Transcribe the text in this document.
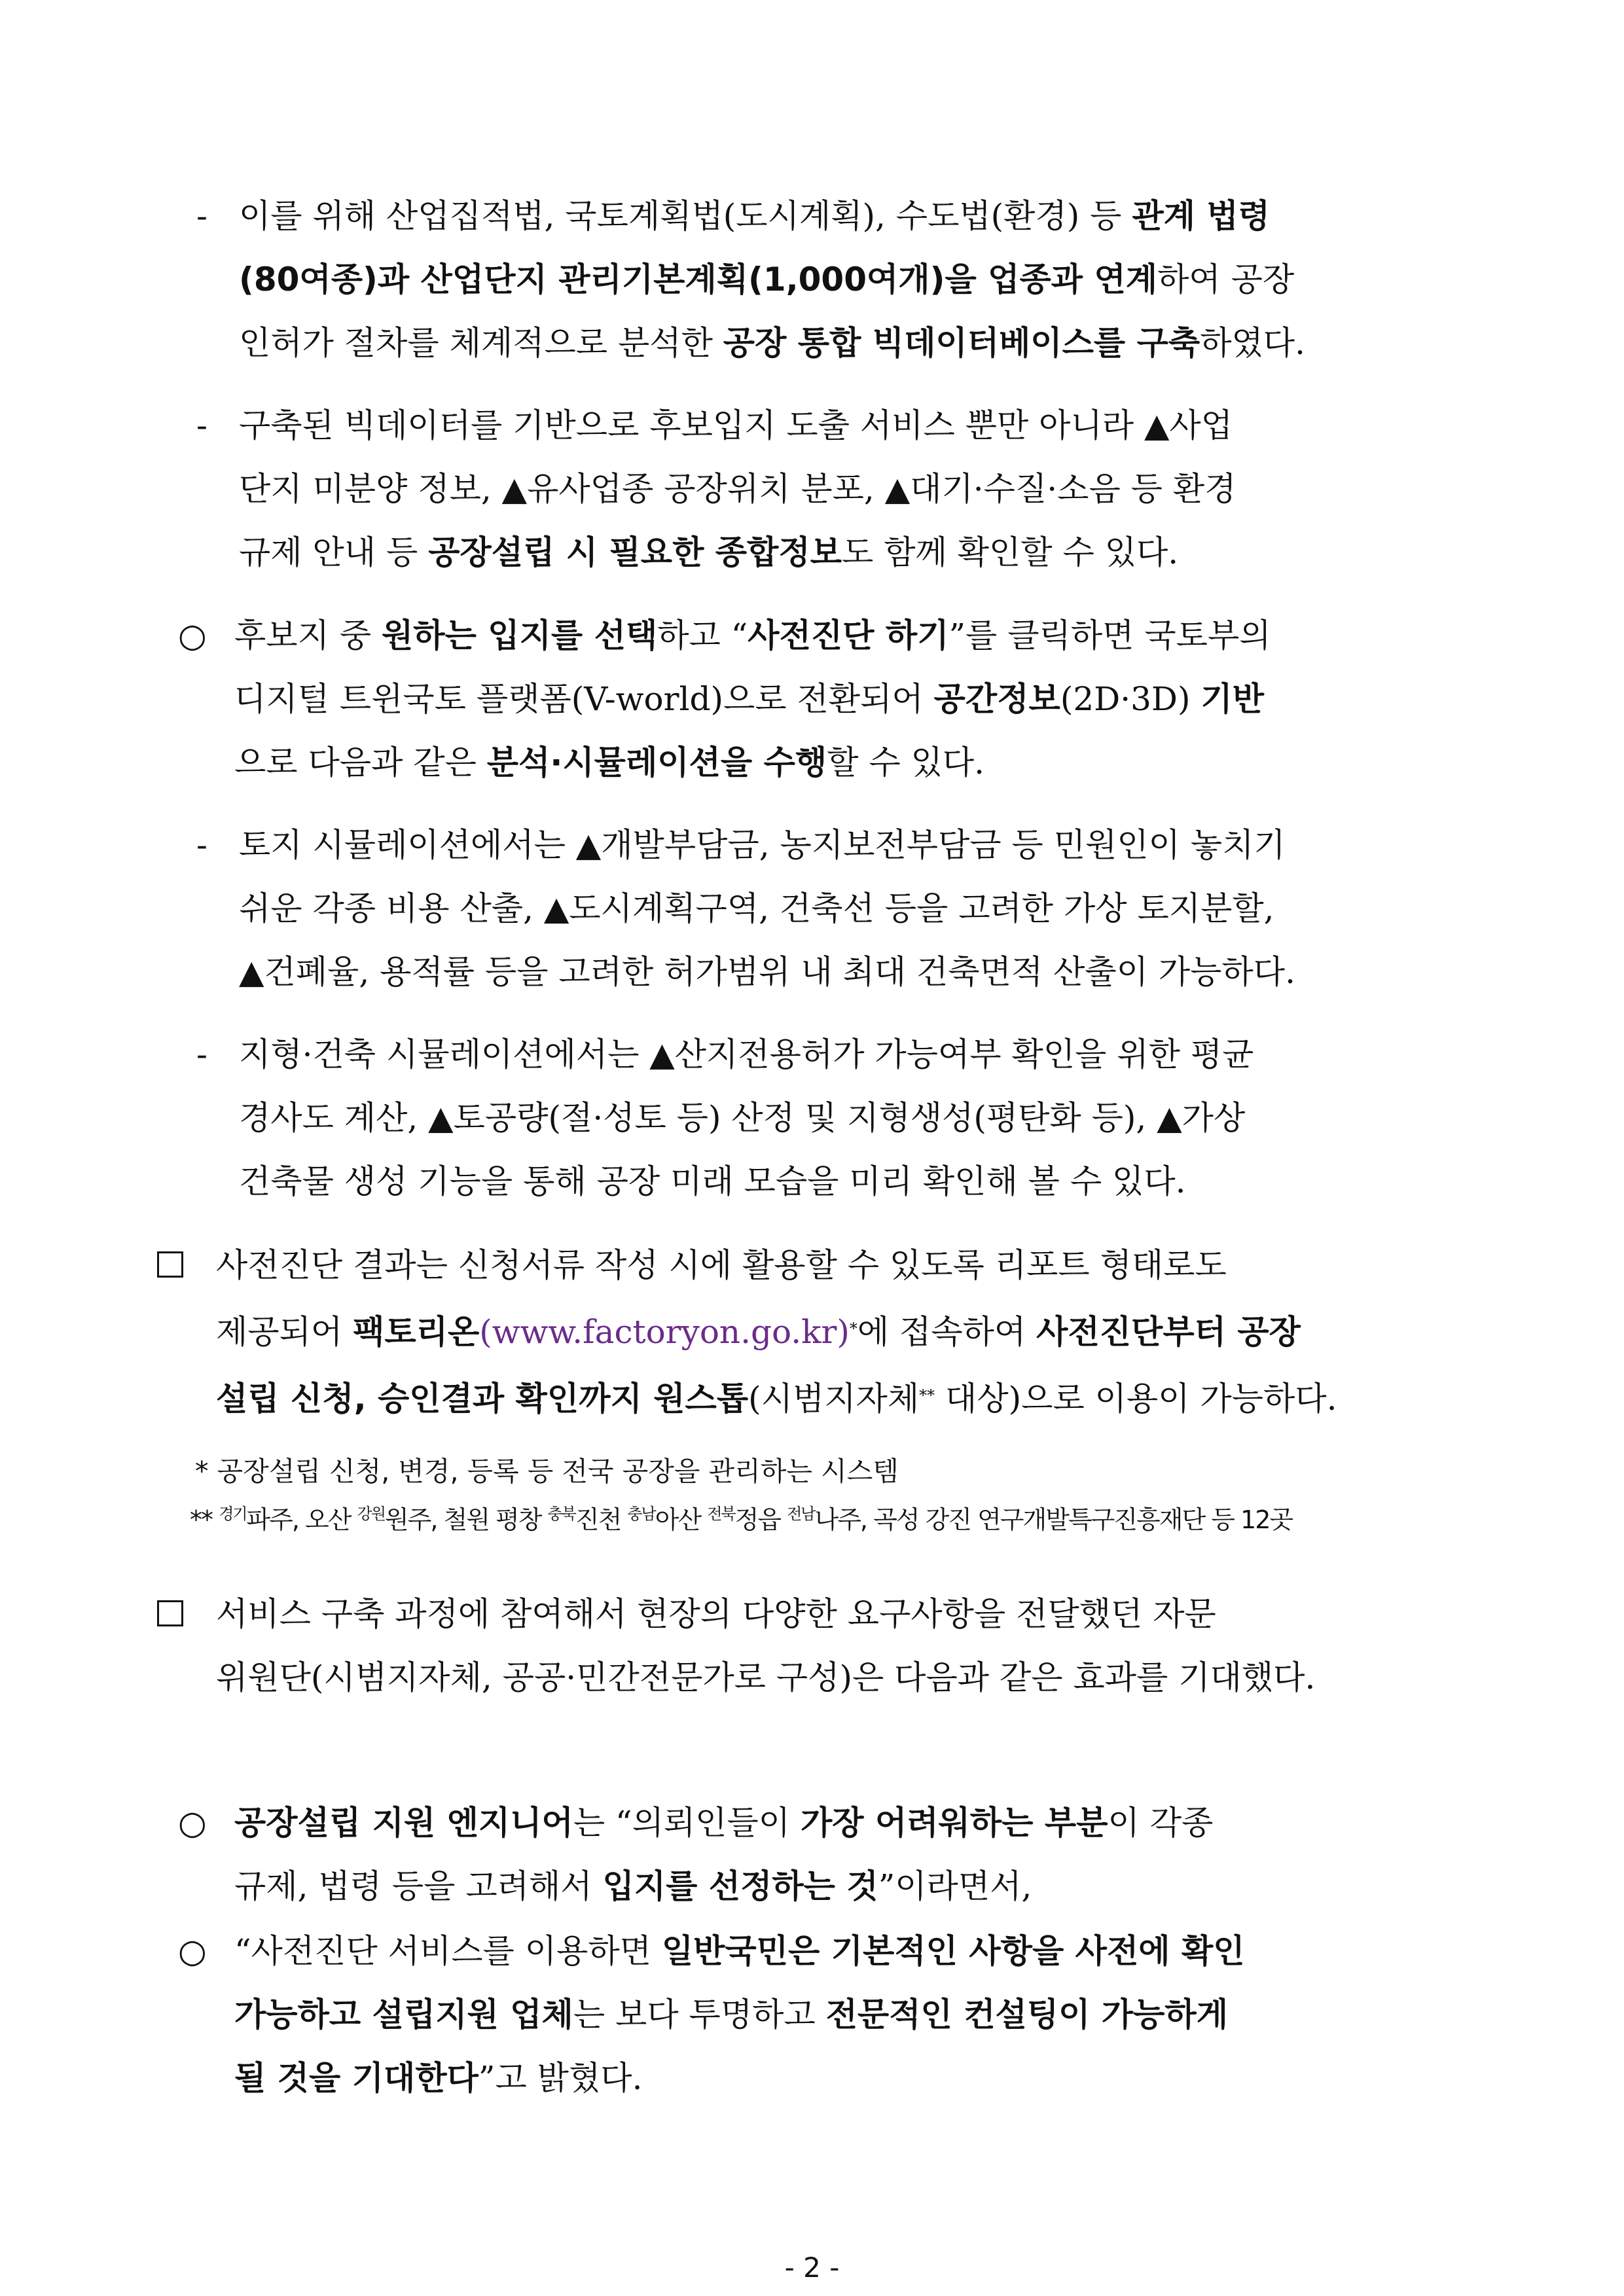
- 이를 위해 산업집적법, 국토계획법(도시계획), 수도법(환경) 등 관계 법령
(80여종)과 산업단지 관리기본계획(1,000여개)을 업종과 연계하여 공장
인허가 절차를 체계적으로 분석한 공장 통합 빅데이터베이스를 구축하였다.
- 구축된 빅데이터를 기반으로 후보입지 도출 서비스 뿐만 아니라 ▲사업
단지 미분양 정보, ▲유사업종 공장위치 분포, ▲대기·수질·소음 등 환경
규제 안내 등 공장설립 시 필요한 종합정보도 함께 확인할 수 있다.
○ 후보지 중 원하는 입지를 선택하고 “사전진단 하기”를 클릭하면 국토부의
디지털 트윈국토 플랫폼(V-world)으로 전환되어 공간정보(2D·3D) 기반
으로 다음과 같은 분석·시뮬레이션을 수행할 수 있다.
- 토지 시뮬레이션에서는 ▲개발부담금, 농지보전부담금 등 민원인이 놓치기
쉬운 각종 비용 산출, ▲도시계획구역, 건축선 등을 고려한 가상 토지분할,
▲건폐율, 용적률 등을 고려한 허가범위 내 최대 건축면적 산출이 가능하다.
- 지형·건축 시뮬레이션에서는 ▲산지전용허가 가능여부 확인을 위한 평균
경사도 계산, ▲토공량(절·성토 등) 산정 및 지형생성(평탄화 등), ▲가상
건축물 생성 기능을 통해 공장 미래 모습을 미리 확인해 볼 수 있다.
사전진단 결과는 신청서류 작성 시에 활용할 수 있도록 리포트 형태로도
제공되어 팩토리온(www.factoryon.go.kr)*에 접속하여 사전진단부터 공장
설립 신청, 승인결과 확인까지 원스톱(시범지자체** 대상)으로 이용이 가능하다.
서비스 구축 과정에 참여해서 현장의 다양한 요구사항을 전달했던 자문
위원단(시범지자체, 공공·민간전문가로 구성)은 다음과 같은 효과를 기대했다.
○ 공장설립 지원 엔지니어는 “의뢰인들이 가장 어려워하는 부분이 각종
규제, 법령 등을 고려해서 입지를 선정하는 것”이라면서,
○ “사전진단 서비스를 이용하면 일반국민은 기본적인 사항을 사전에 확인
가능하고 설립지원 업체는 보다 투명하고 전문적인 컨설팅이 가능하게
될 것을 기대한다”고 밝혔다.
* 공장설립 신청, 변경, 등록 등 전국 공장을 관리하는 시스템
** $^{경기}$파주, 오산 $^{강원}$원주, 철원 평창 $^{충북}$진천 $^{충남}$아산 $^{전북}$정읍 $^{전남}$나주, 곡성 강진 연구개발특구진흥재단 등 12곳
- 2 -
